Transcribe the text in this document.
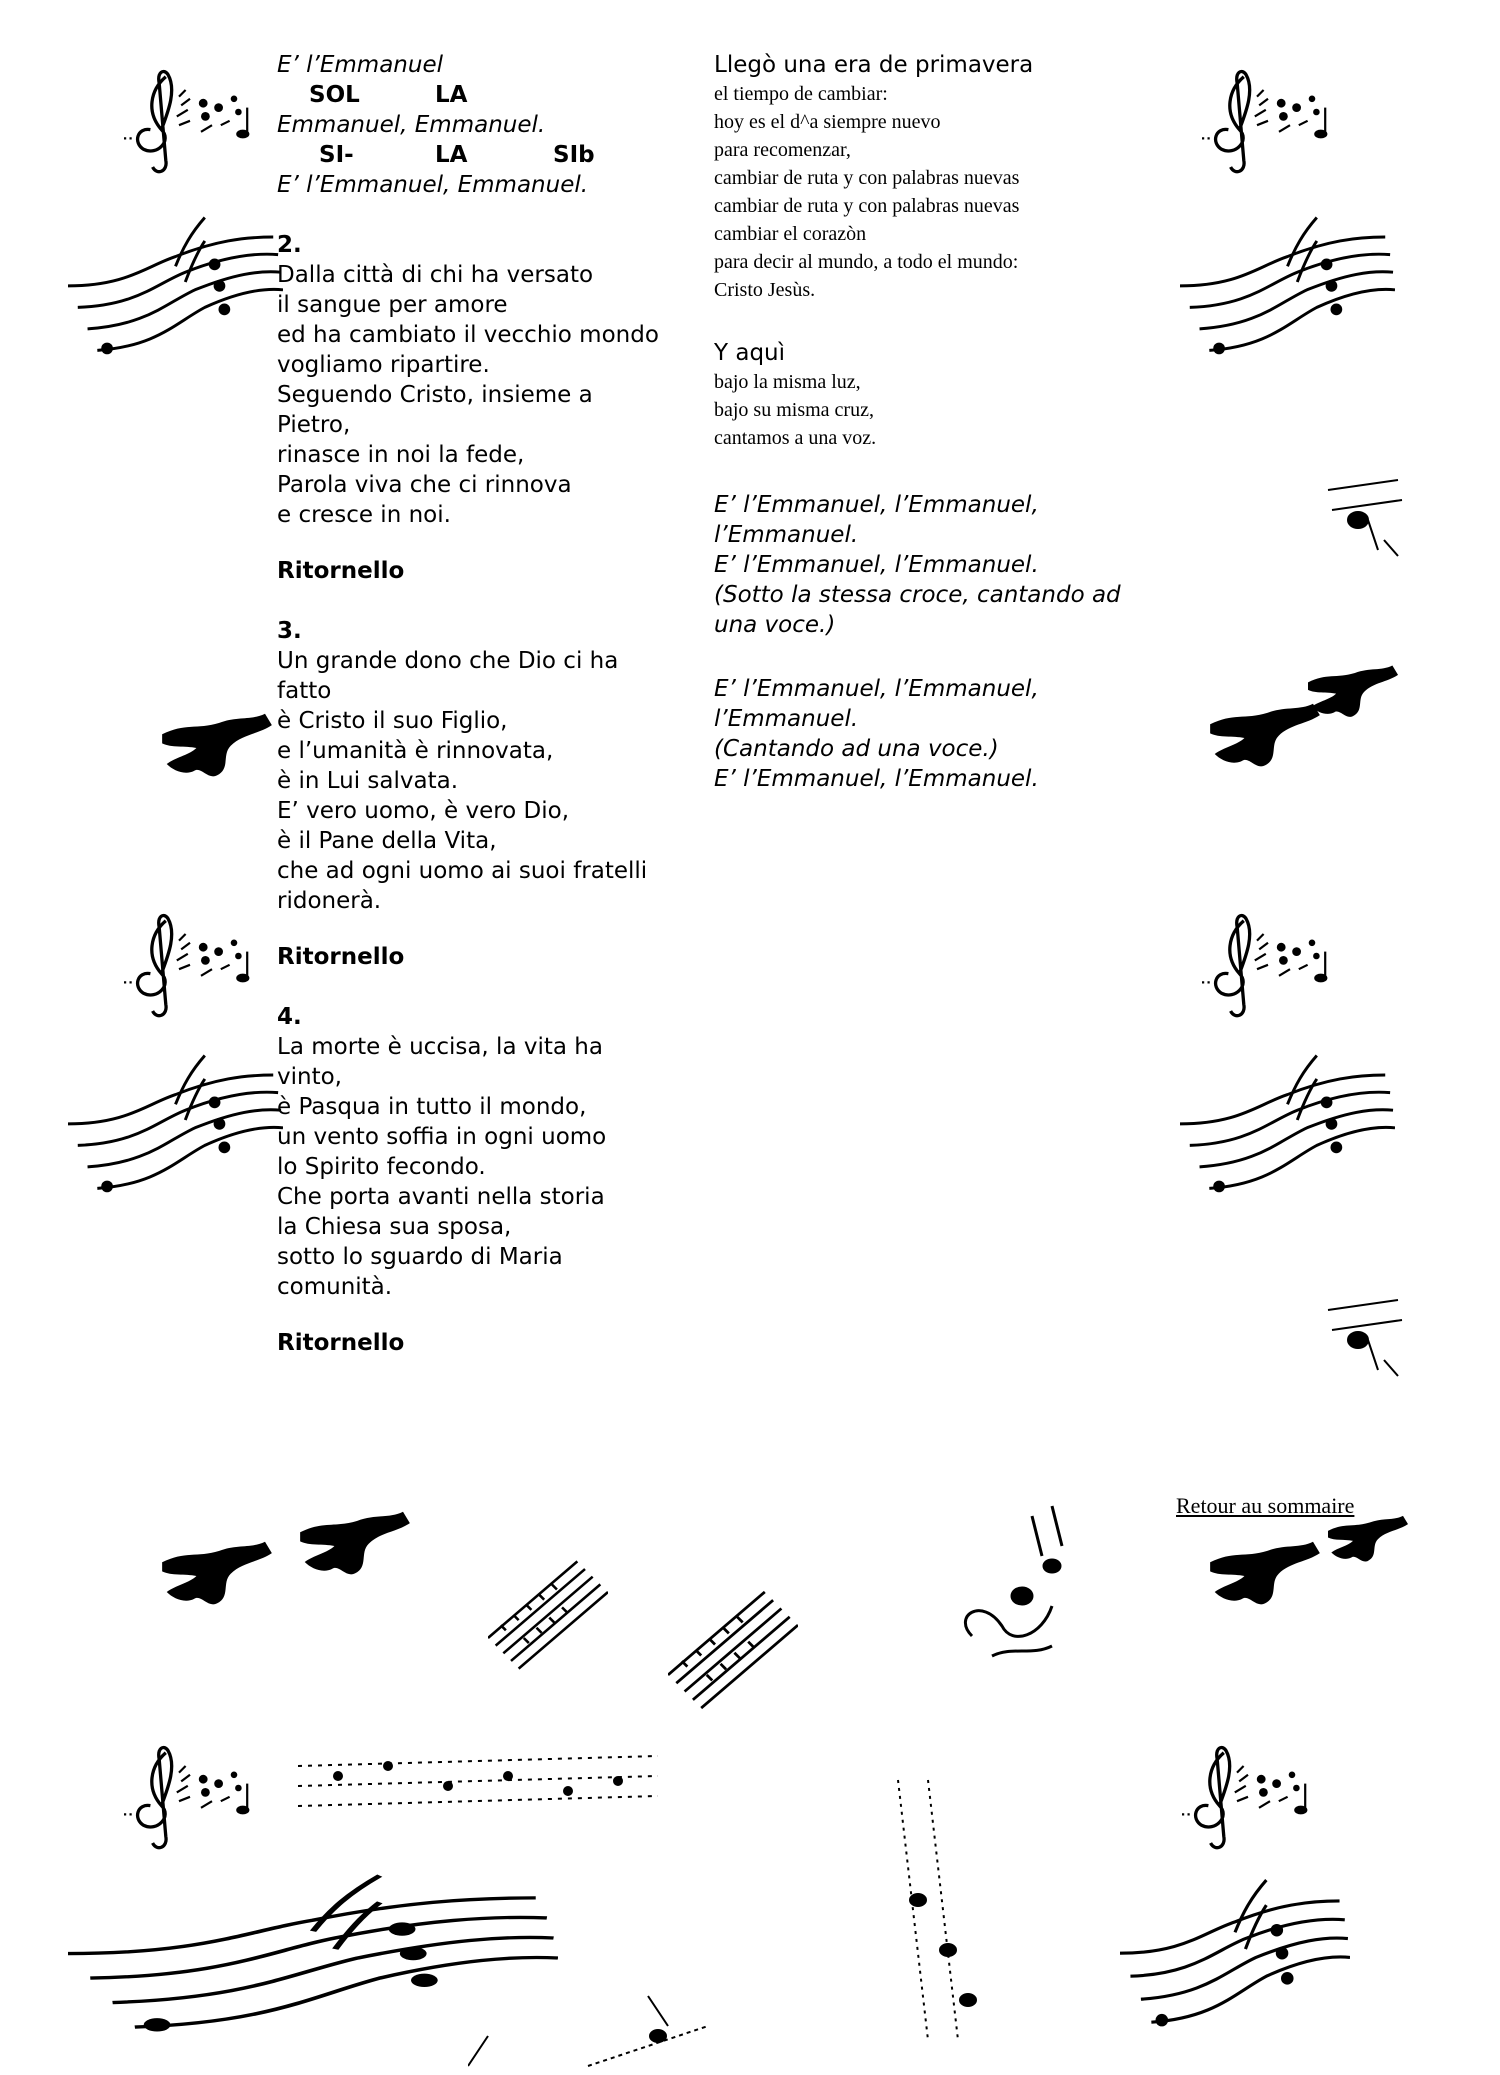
E’ l’Emmanuel
SOL	LA
Emmanuel, Emmanuel.
SI-	LA	SIb
E’ l’Emmanuel, Emmanuel.
2.
Dalla città di chi ha versato
il sangue per amore
ed ha cambiato il vecchio mondo
vogliamo ripartire.
Seguendo Cristo, insieme a
Pietro,
rinasce in noi la fede,
Parola viva che ci rinnova
e cresce in noi.
Ritornello
3.
Un grande dono che Dio ci ha
fatto
è Cristo il suo Figlio,
e l’umanità è rinnovata,
è in Lui salvata.
E’ vero uomo, è vero Dio,
è il Pane della Vita,
che ad ogni uomo ai suoi fratelli
ridonerà.
Ritornello
4.
La morte è uccisa, la vita ha
vinto,
è Pasqua in tutto il mondo,
un vento soffia in ogni uomo
lo Spirito fecondo.
Che porta avanti nella storia
la Chiesa sua sposa,
sotto lo sguardo di Maria
comunità.
Ritornello
Llegò una era de primavera
el tiempo de cambiar:
hoy es el d^a siempre nuevo
para recomenzar,
cambiar de ruta y con palabras nuevas
cambiar de ruta y con palabras nuevas
cambiar el corazòn
para decir al mundo, a todo el mundo:
Cristo Jesùs.
Y aquì
bajo la misma luz,
bajo su misma cruz,
cantamos a una voz.
E’ l’Emmanuel, l’Emmanuel,
l’Emmanuel.
E’ l’Emmanuel, l’Emmanuel.
(Sotto la stessa croce, cantando ad
una voce.)
E’ l’Emmanuel, l’Emmanuel,
l’Emmanuel.
(Cantando ad una voce.)
E’ l’Emmanuel, l’Emmanuel.
Retour au sommaire
